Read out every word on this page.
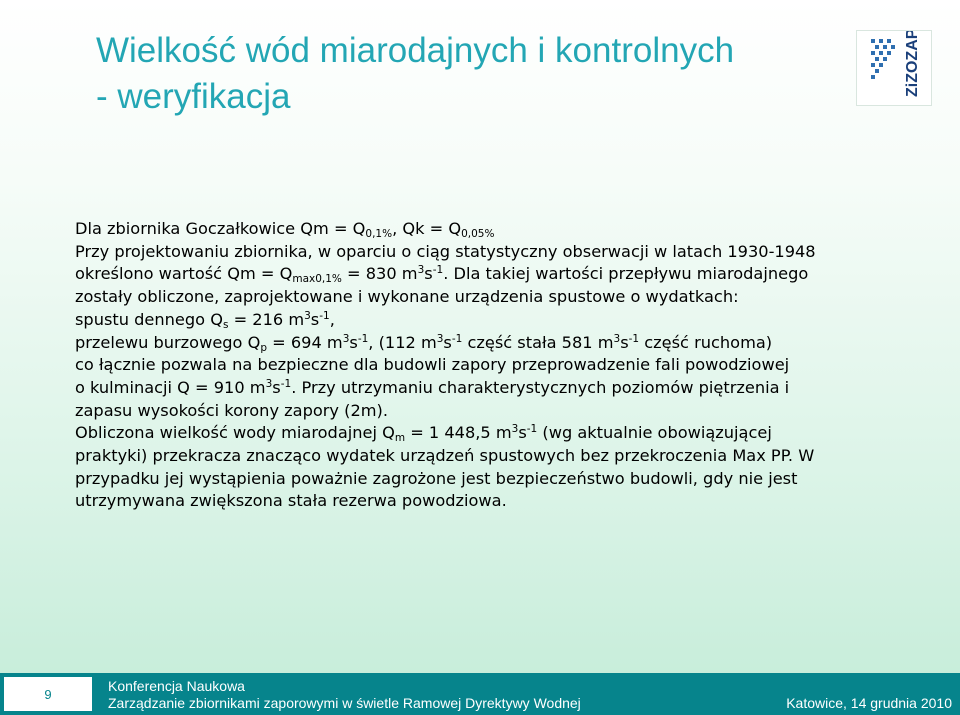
Wielkość wód miarodajnych i kontrolnych
- weryfikacja	ZiZOZAP

Dla zbiornika Goczałkowice $Qm = Q_{0,1\%}$, $Qk = Q_{0,05\%}$

Przy projektowaniu zbiornika, w oparciu o ciąg statystyczny obserwacji w latach 1930-1948

określono wartość $Qm = Q_{max0,1\%} = 830$ $m^3s^{-1}$. Dla takiej wartości przepływu miarodajnego

zostały obliczone, zaprojektowane i wykonane urządzenia spustowe o wydatkach:

spustu dennego $Q_s = 216$ $m^3s^{-1}$,

przelewu burzowego $Q_p = 694$ $m^3s^{-1}$, (112 $m^3s^{-1}$ część stała 581 $m^3s^{-1}$ część ruchoma)

co łącznie pozwala na bezpieczne dla budowli zapory przeprowadzenie fali powodziowej

o kulminacji Q = 910 $m^3s^{-1}$. Przy utrzymaniu charakterystycznych poziomów piętrzenia i

zapasu wysokości korony zapory (2m).

Obliczona wielkość wody miarodajnej $Q_m = 1$ 448,5 $m^3s^{-1}$ (wg aktualnie obowiązującej

praktyki) przekracza znacząco wydatek urządzeń spustowych bez przekroczenia Max PP. W

przypadku jej wystąpienia poważnie zagrożone jest bezpieczeństwo budowli, gdy nie jest

utrzymywana zwiększona stała rezerwa powodziowa.

9	Konferencja Naukowa
Zarządzanie zbiornikami zaporowymi w świetle Ramowej Dyrektywy Wodnej	Katowice, 14 grudnia 2010
